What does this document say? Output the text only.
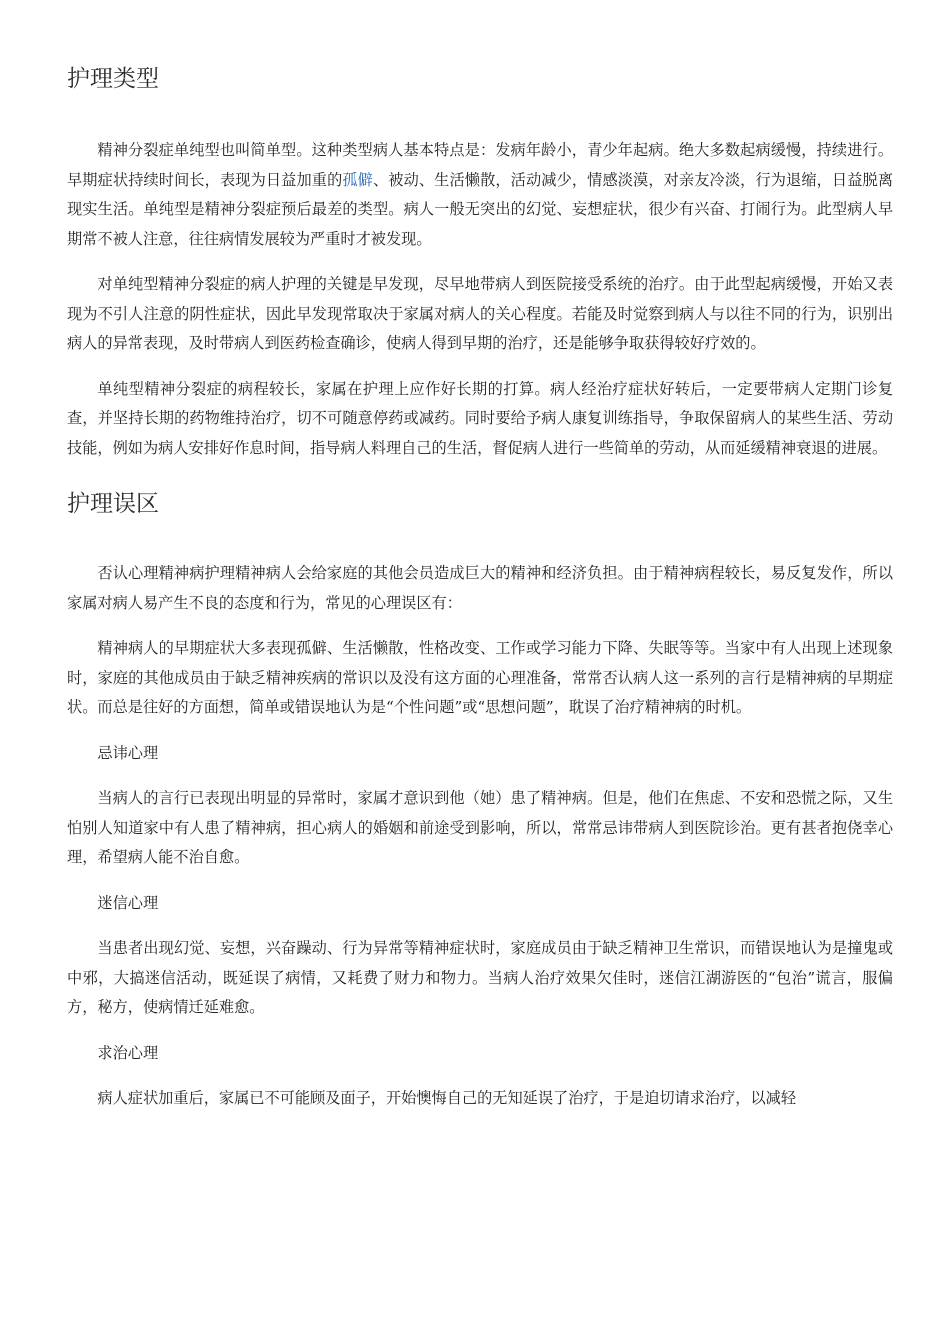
护理类型

精神分裂症单纯型也叫简单型。这种类型病人基本特点是：发病年龄小，青少年起病。绝大多数起病缓慢，持续进行。早期症状持续时间长，表现为日益加重的孤僻、被动、生活懒散，活动减少，情感淡漠，对亲友冷淡，行为退缩，日益脱离现实生活。单纯型是精神分裂症预后最差的类型。病人一般无突出的幻觉、妄想症状，很少有兴奋、打闹行为。此型病人早期常不被人注意，往往病情发展较为严重时才被发现。

对单纯型精神分裂症的病人护理的关键是早发现，尽早地带病人到医院接受系统的治疗。由于此型起病缓慢，开始又表现为不引人注意的阴性症状，因此早发现常取决于家属对病人的关心程度。若能及时觉察到病人与以往不同的行为，识别出病人的异常表现，及时带病人到医药检查确诊，使病人得到早期的治疗，还是能够争取获得较好疗效的。

单纯型精神分裂症的病程较长，家属在护理上应作好长期的打算。病人经治疗症状好转后，一定要带病人定期门诊复查，并坚持长期的药物维持治疗，切不可随意停药或减药。同时要给予病人康复训练指导，争取保留病人的某些生活、劳动技能，例如为病人安排好作息时间，指导病人料理自己的生活，督促病人进行一些简单的劳动，从而延缓精神衰退的进展。

护理误区

否认心理精神病护理精神病人会给家庭的其他会员造成巨大的精神和经济负担。由于精神病程较长，易反复发作，所以家属对病人易产生不良的态度和行为，常见的心理误区有：

精神病人的早期症状大多表现孤僻、生活懒散，性格改变、工作或学习能力下降、失眠等等。当家中有人出现上述现象时，家庭的其他成员由于缺乏精神疾病的常识以及没有这方面的心理准备，常常否认病人这一系列的言行是精神病的早期症状。而总是往好的方面想，简单或错误地认为是“个性问题”或“思想问题”，耽误了治疗精神病的时机。

忌讳心理

当病人的言行已表现出明显的异常时，家属才意识到他（她）患了精神病。但是，他们在焦虑、不安和恐慌之际，又生怕别人知道家中有人患了精神病，担心病人的婚姻和前途受到影响，所以，常常忌讳带病人到医院诊治。更有甚者抱侥幸心理，希望病人能不治自愈。

迷信心理

当患者出现幻觉、妄想，兴奋躁动、行为异常等精神症状时，家庭成员由于缺乏精神卫生常识，而错误地认为是撞鬼或中邪，大搞迷信活动，既延误了病情，又耗费了财力和物力。当病人治疗效果欠佳时，迷信江湖游医的“包治”谎言，服偏方，秘方，使病情迁延难愈。

求治心理

病人症状加重后，家属已不可能顾及面子，开始懊悔自己的无知延误了治疗，于是迫切请求治疗，以减轻
